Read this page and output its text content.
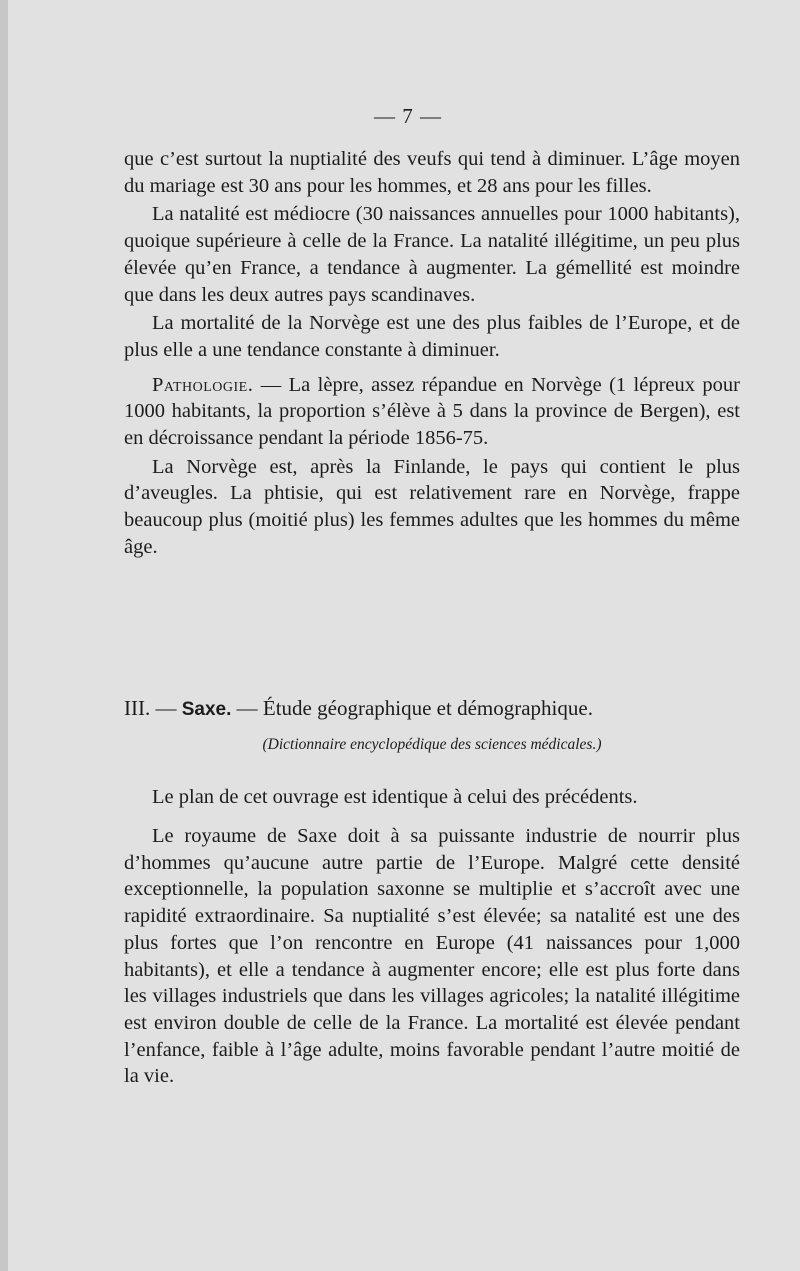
— 7 —

que c’est surtout la nuptialité des veufs qui tend à diminuer. L’âge moyen du mariage est 30 ans pour les hommes, et 28 ans pour les filles.

La natalité est médiocre (30 naissances annuelles pour 1000 habitants), quoique supérieure à celle de la France. La natalité illégitime, un peu plus élevée qu’en France, a tendance à augmenter. La gémellité est moindre que dans les deux autres pays scandinaves.

La mortalité de la Norvège est une des plus faibles de l’Europe, et de plus elle a une tendance constante à diminuer.

Pathologie. — La lèpre, assez répandue en Norvège (1 lépreux pour 1000 habitants, la proportion s’élève à 5 dans la province de Bergen), est en décroissance pendant la période 1856-75.

La Norvège est, après la Finlande, le pays qui contient le plus d’aveugles. La phtisie, qui est relativement rare en Norvège, frappe beaucoup plus (moitié plus) les femmes adultes que les hommes du même âge.

III. — Saxe. — Étude géographique et démographique.
(Dictionnaire encyclopédique des sciences médicales.)

Le plan de cet ouvrage est identique à celui des précédents.

Le royaume de Saxe doit à sa puissante industrie de nourrir plus d’hommes qu’aucune autre partie de l’Europe. Malgré cette densité exceptionnelle, la population saxonne se multiplie et s’accroît avec une rapidité extraordinaire. Sa nuptialité s’est élevée; sa natalité est une des plus fortes que l’on rencontre en Europe (41 naissances pour 1,000 habitants), et elle a tendance à augmenter encore; elle est plus forte dans les villages industriels que dans les villages agricoles; la natalité illégitime est environ double de celle de la France. La mortalité est élevée pendant l’enfance, faible à l’âge adulte, moins favorable pendant l’autre moitié de la vie.
